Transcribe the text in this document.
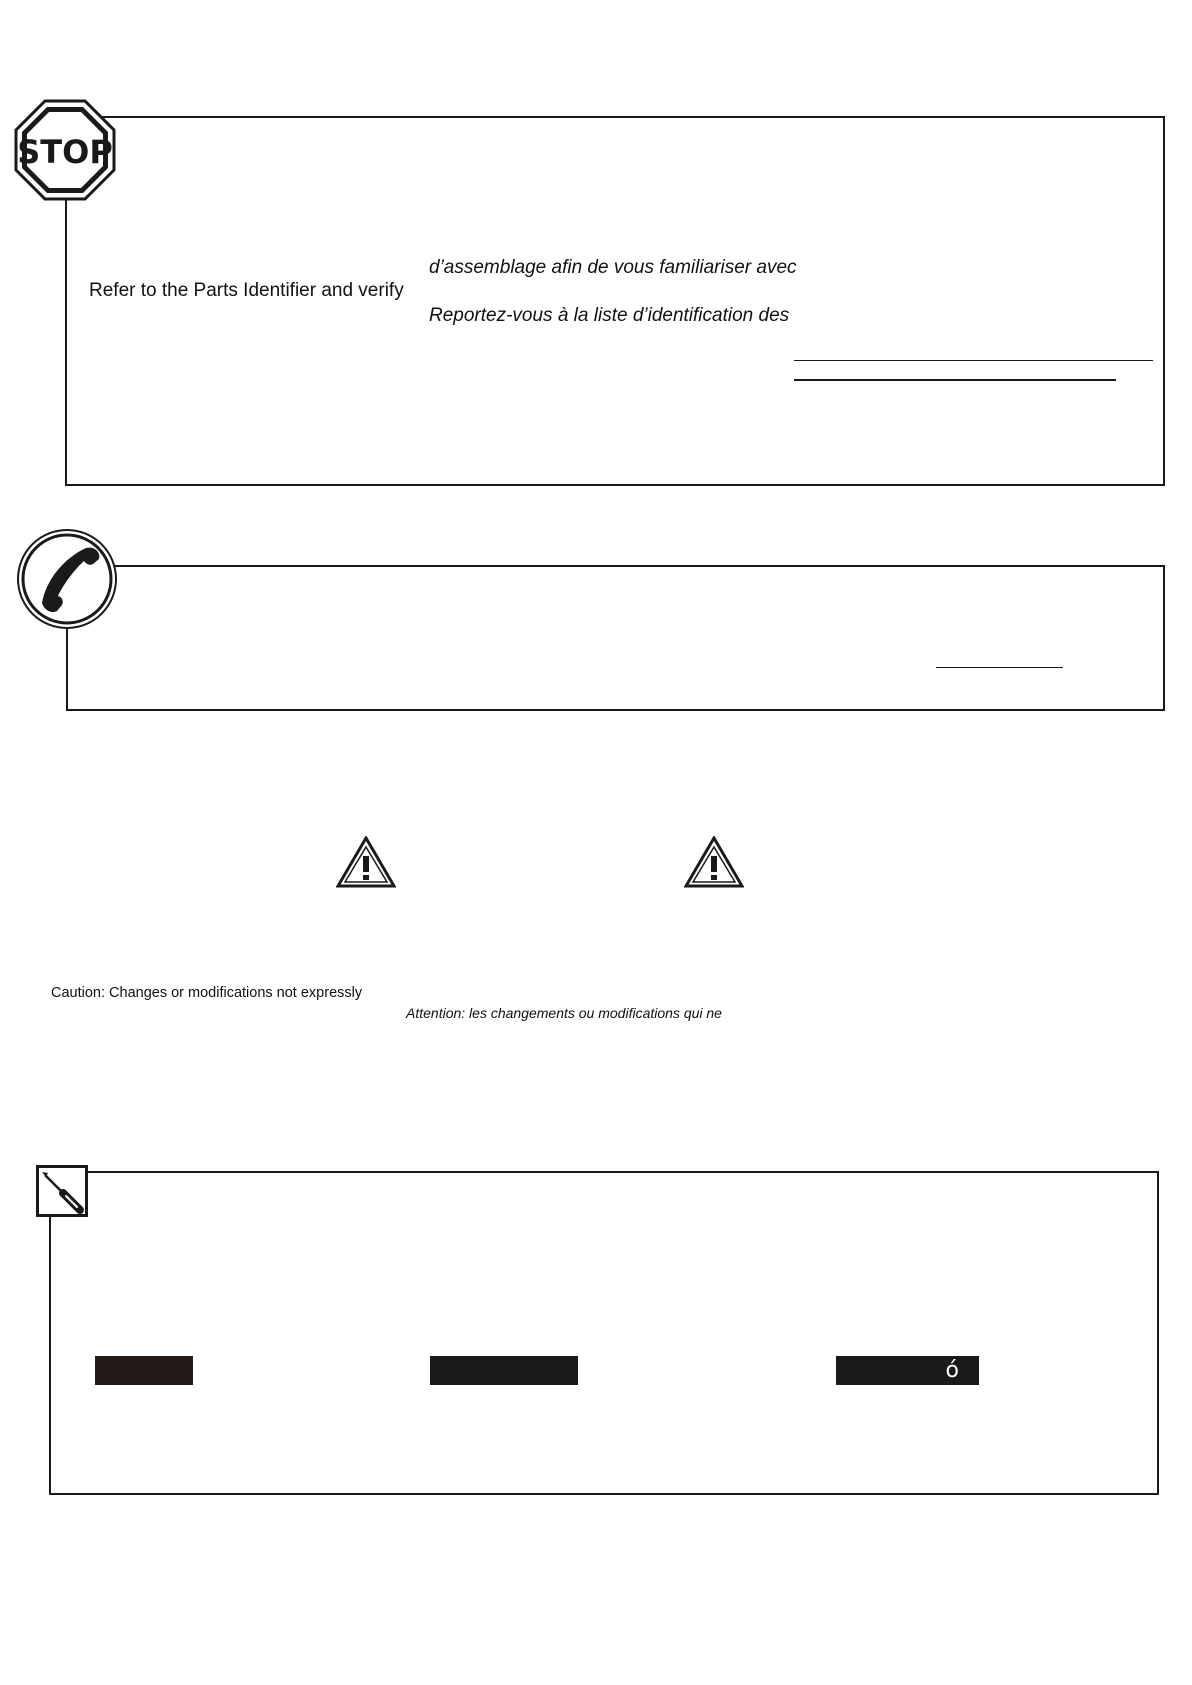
STOP
Refer to the Parts Identifier and verify
d’assemblage afin de vous familiariser avec
Reportez-vous à la liste d’identification des
Caution: Changes or modifications not expressly
Attention: les changements ou modifications qui ne
ó
